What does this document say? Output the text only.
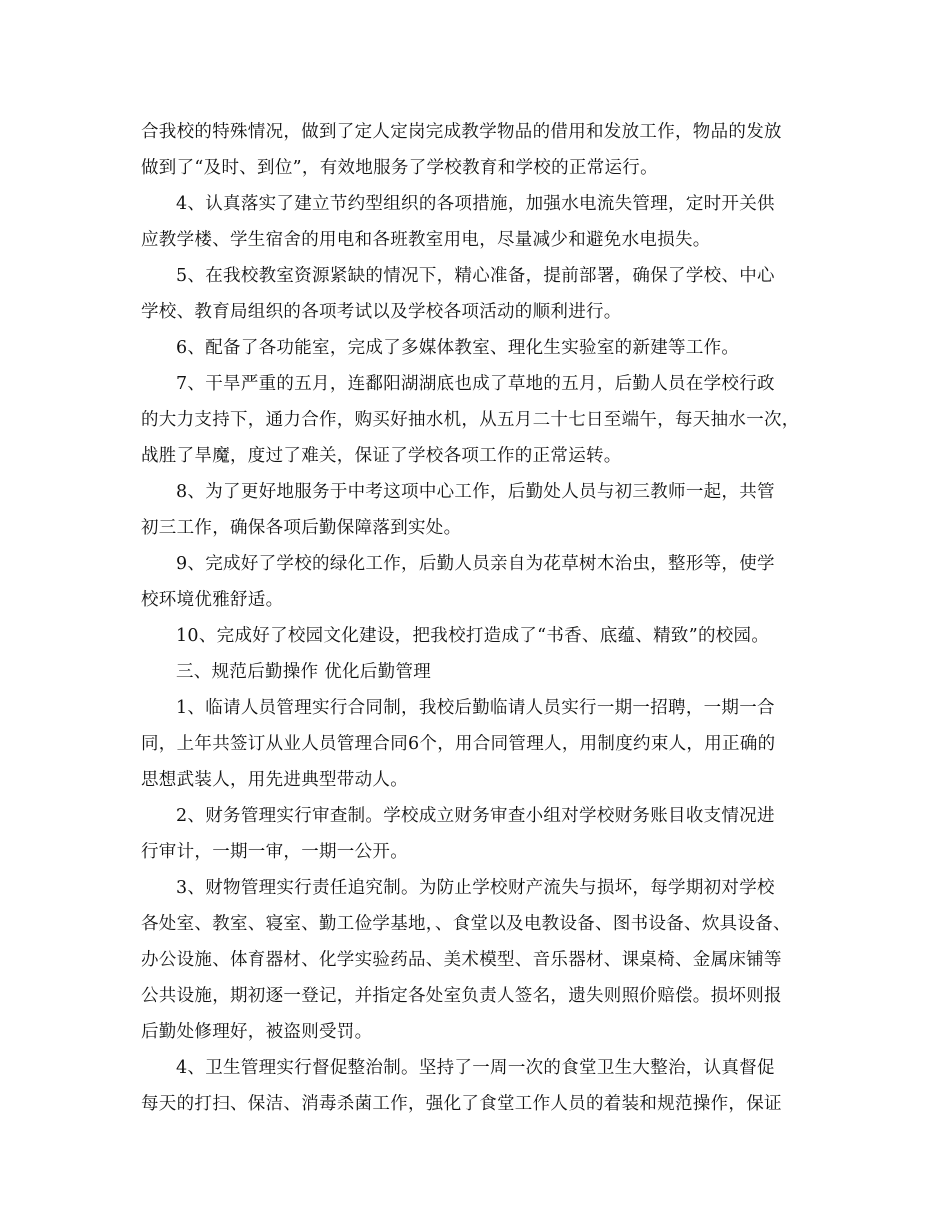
合我校的特殊情况，做到了定人定岗完成教学物品的借用和发放工作，物品的发放
做到了“及时、到位”，有效地服务了学校教育和学校的正常运行。
4、认真落实了建立节约型组织的各项措施，加强水电流失管理，定时开关供
应教学楼、学生宿舍的用电和各班教室用电，尽量减少和避免水电损失。
5、在我校教室资源紧缺的情况下，精心准备，提前部署，确保了学校、中心
学校、教育局组织的各项考试以及学校各项活动的顺利进行。
6、配备了各功能室，完成了多媒体教室、理化生实验室的新建等工作。
7、干旱严重的五月，连鄱阳湖湖底也成了草地的五月，后勤人员在学校行政
的大力支持下，通力合作，购买好抽水机，从五月二十七日至端午，每天抽水一次，
战胜了旱魔，度过了难关，保证了学校各项工作的正常运转。
8、为了更好地服务于中考这项中心工作，后勤处人员与初三教师一起，共管
初三工作，确保各项后勤保障落到实处。
9、完成好了学校的绿化工作，后勤人员亲自为花草树木治虫，整形等，使学
校环境优雅舒适。
10、完成好了校园文化建设，把我校打造成了“书香、底蕴、精致”的校园。
三、规范后勤操作 优化后勤管理
1、临请人员管理实行合同制，我校后勤临请人员实行一期一招聘，一期一合
同，上年共签订从业人员管理合同6个，用合同管理人，用制度约束人，用正确的
思想武装人，用先进典型带动人。
2、财务管理实行审查制。学校成立财务审查小组对学校财务账目收支情况进
行审计，一期一审，一期一公开。
3、财物管理实行责任追究制。为防止学校财产流失与损坏，每学期初对学校
各处室、教室、寝室、勤工俭学基地，、食堂以及电教设备、图书设备、炊具设备、
办公设施、体育器材、化学实验药品、美术模型、音乐器材、课桌椅、金属床铺等
公共设施，期初逐一登记，并指定各处室负责人签名，遗失则照价赔偿。损坏则报
后勤处修理好，被盗则受罚。
4、卫生管理实行督促整治制。坚持了一周一次的食堂卫生大整治，认真督促
每天的打扫、保洁、消毒杀菌工作，强化了食堂工作人员的着装和规范操作，保证
